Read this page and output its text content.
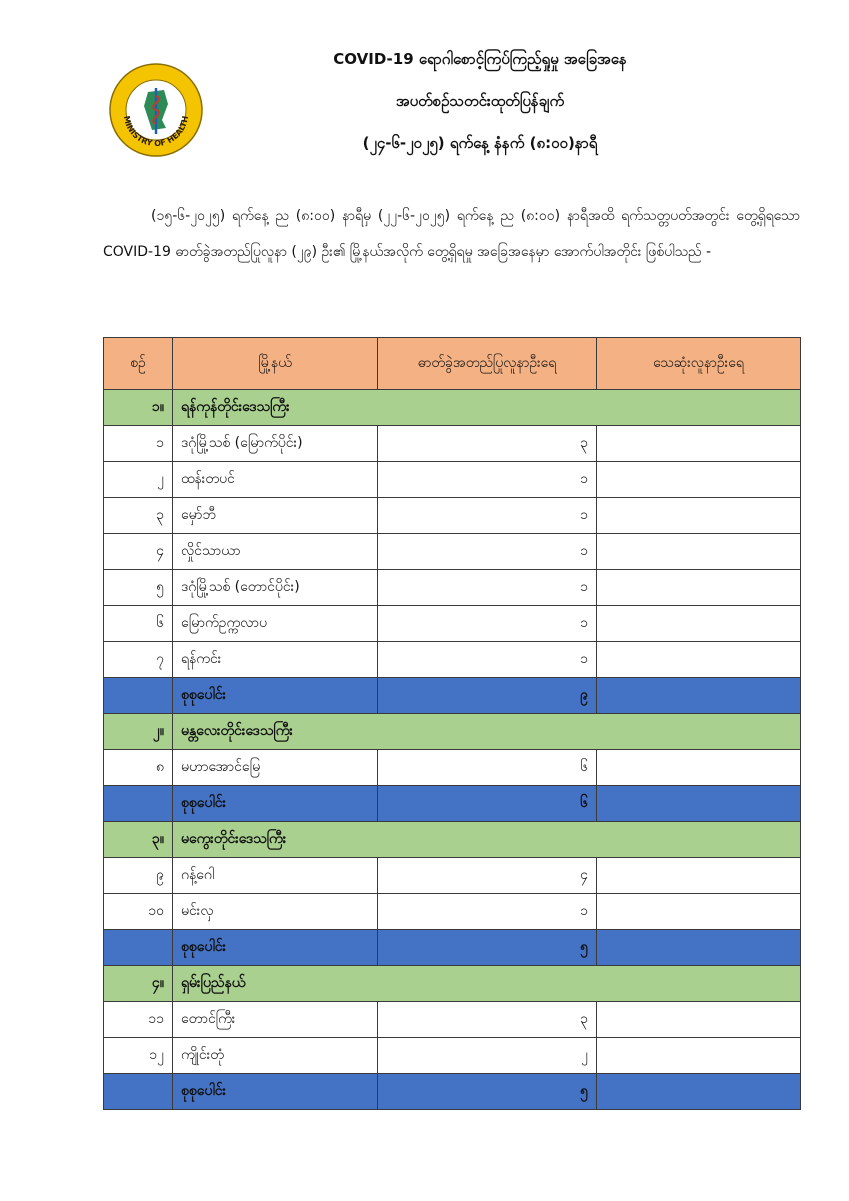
MINISTRY OF HEALTH
COVID-19 ရောဂါစောင့်ကြပ်ကြည့်ရှုမှု အခြေအနေ
အပတ်စဉ်သတင်းထုတ်ပြန်ချက်
(၂၄-၆-၂၀၂၅) ရက်နေ့ နံနက် (၈:၀၀)နာရီ
(၁၅-၆-၂၀၂၅) ရက်နေ့ ည (၈:၀၀) နာရီမှ (၂၂-၆-၂၀၂၅) ရက်နေ့ ည (၈:၀၀) နာရီအထိ ရက်သတ္တပတ်အတွင်း တွေ့ရှိရသော COVID-19 ဓာတ်ခွဲအတည်ပြုလူနာ (၂၉) ဦး၏ မြို့နယ်အလိုက် တွေ့ရှိရမှု အခြေအနေမှာ အောက်ပါအတိုင်း ဖြစ်ပါသည် -
စဉ်	မြို့နယ်	ဓာတ်ခွဲအတည်ပြုလူနာဦးရေ	သေဆုံးလူနာဦးရေ
၁။	ရန်ကုန်တိုင်းဒေသကြီး		
၁	ဒဂုံမြို့သစ် (မြောက်ပိုင်း)	၃	
၂	ထန်းတပင်	၁	
၃	မှော်ဘီ	၁	
၄	လှိုင်သာယာ	၁	
၅	ဒဂုံမြို့သစ် (တောင်ပိုင်း)	၁	
၆	မြောက်ဥက္ကလာပ	၁	
၇	ရန်ကင်း	၁	
	စုစုပေါင်း	၉	
၂။	မန္တလေးတိုင်းဒေသကြီး		
၈	မဟာအောင်မြေ	၆	
	စုစုပေါင်း	၆	
၃။	မကွေးတိုင်းဒေသကြီး		
၉	ဂန့်ဂေါ	၄	
၁၀	မင်းလှ	၁	
	စုစုပေါင်း	၅	
၄။	ရှမ်းပြည်နယ်		
၁၁	တောင်ကြီး	၃	
၁၂	ကျိုင်းတုံ	၂	
	စုစုပေါင်း	၅	
